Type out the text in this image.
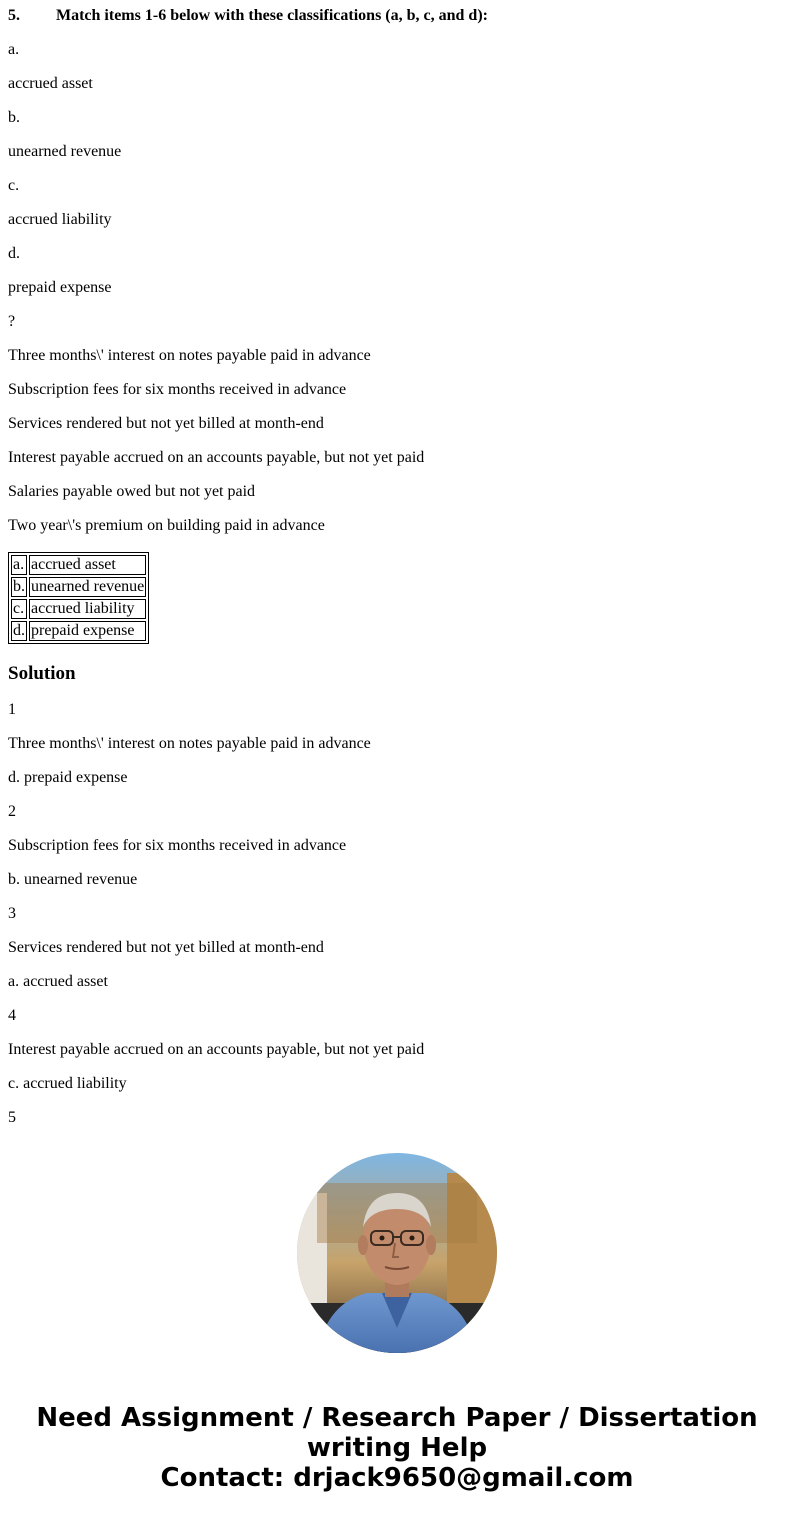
5. Match items 1-6 below with these classifications (a, b, c, and d):
a.
accrued asset
b.
unearned revenue
c.
accrued liability
d.
prepaid expense
?
Three months\' interest on notes payable paid in advance
Subscription fees for six months received in advance
Services rendered but not yet billed at month-end
Interest payable accrued on an accounts payable, but not yet paid
Salaries payable owed but not yet paid
Two year\'s premium on building paid in advance
a.	accrued asset
b.	unearned revenue
c.	accrued liability
d.	prepaid expense
Solution
1
Three months\' interest on notes payable paid in advance
d. prepaid expense
2
Subscription fees for six months received in advance
b. unearned revenue
3
Services rendered but not yet billed at month-end
a. accrued asset
4
Interest payable accrued on an accounts payable, but not yet paid
c. accrued liability
5
Need Assignment / Research Paper / Dissertation
writing Help
Contact: drjack9650@gmail.com
